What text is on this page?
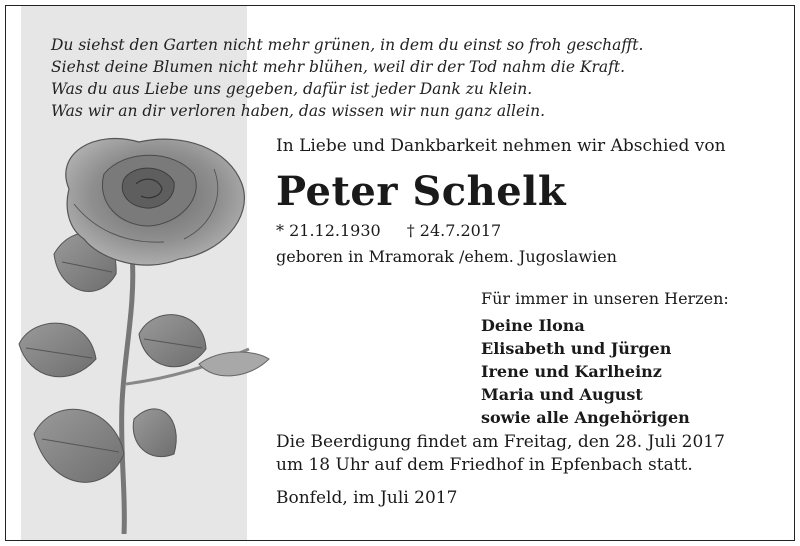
Du siehst den Garten nicht mehr grünen, in dem du einst so froh geschafft.
Siehst deine Blumen nicht mehr blühen, weil dir der Tod nahm die Kraft.
Was du aus Liebe uns gegeben, dafür ist jeder Dank zu klein.
Was wir an dir verloren haben, das wissen wir nun ganz allein.
In Liebe und Dankbarkeit nehmen wir Abschied von
Peter Schelk
* 21.12.1930 † 24.7.2017
geboren in Mramorak /ehem. Jugoslawien
Für immer in unseren Herzen:
Deine Ilona
Elisabeth und Jürgen
Irene und Karlheinz
Maria und August
sowie alle Angehörigen
Die Beerdigung findet am Freitag, den 28. Juli 2017
um 18 Uhr auf dem Friedhof in Epfenbach statt.
Bonfeld, im Juli 2017
